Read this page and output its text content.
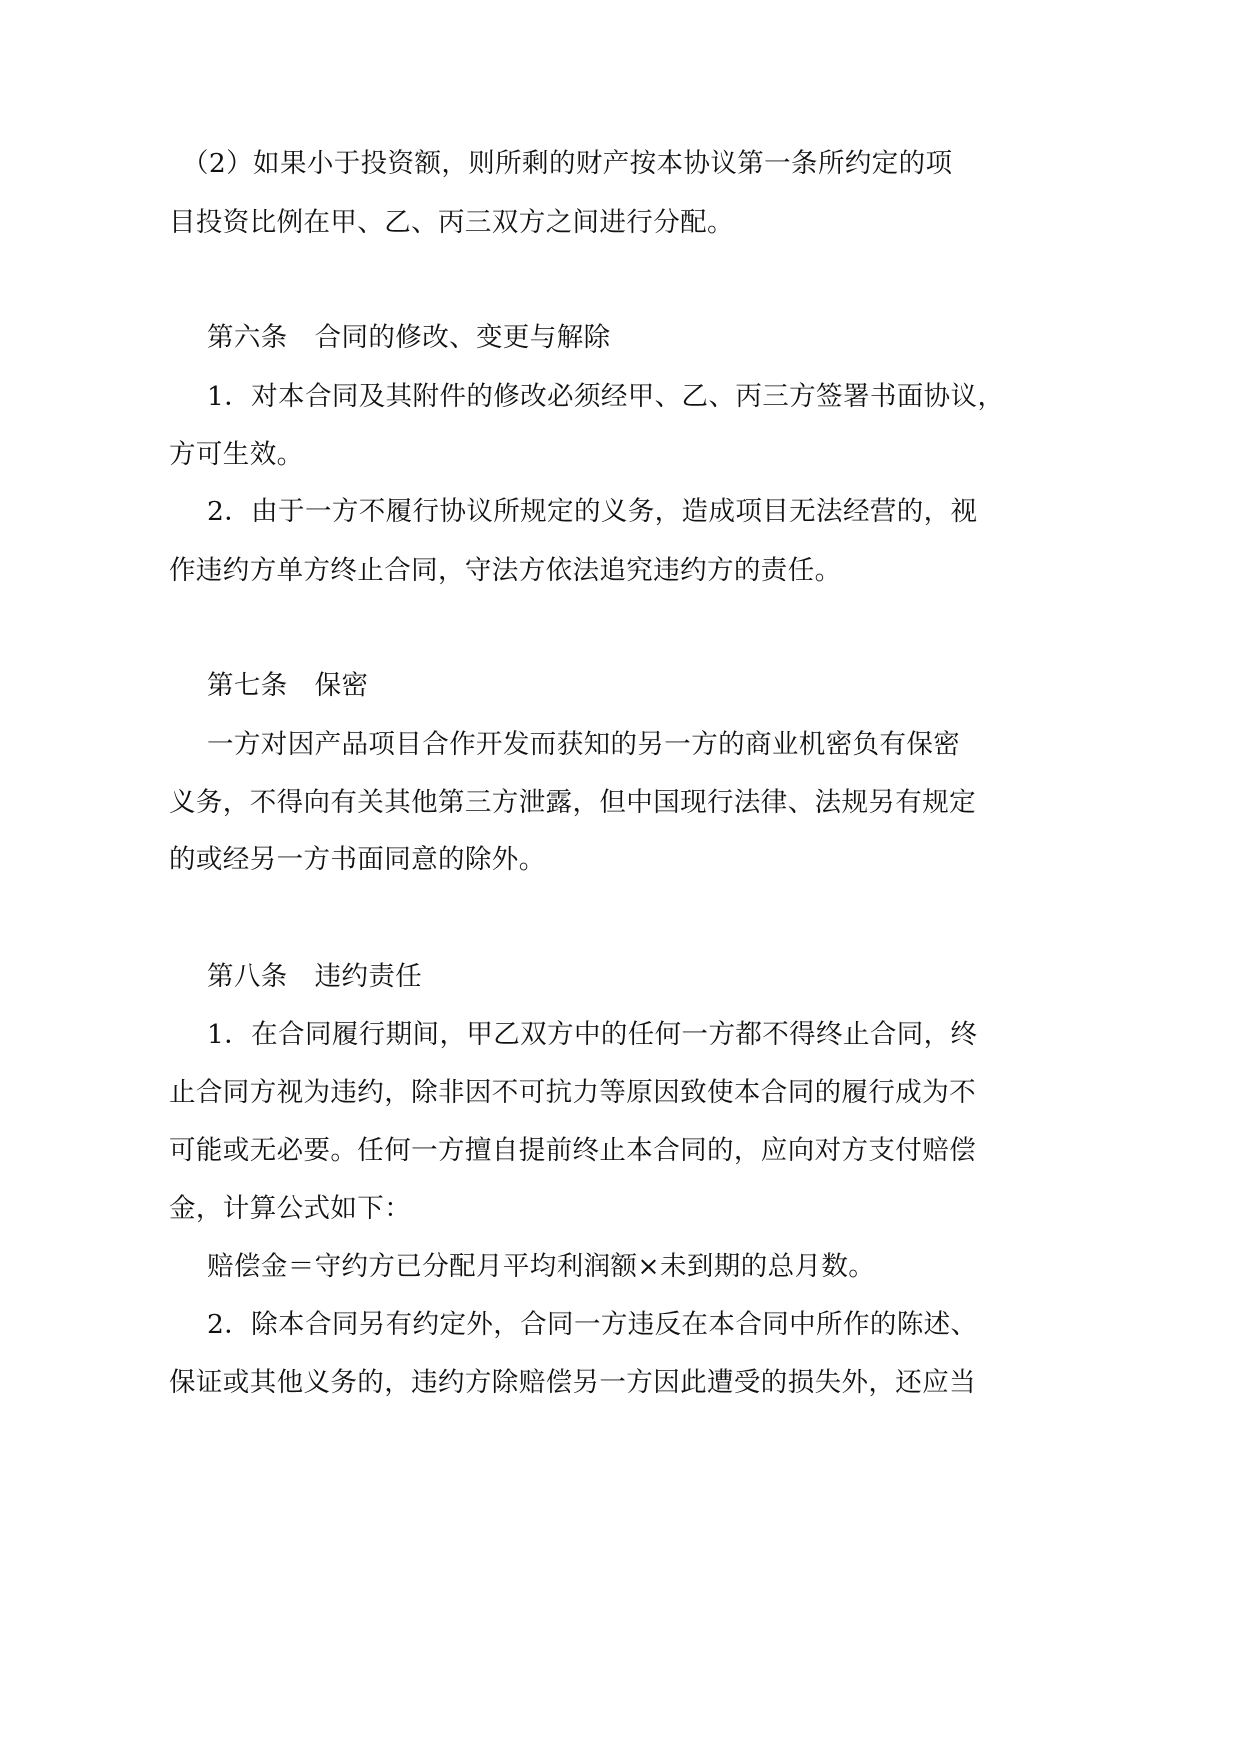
（2）如果小于投资额，则所剩的财产按本协议第一条所约定的项
目投资比例在甲、乙、丙三双方之间进行分配。
第六条　合同的修改、变更与解除
1．对本合同及其附件的修改必须经甲、乙、丙三方签署书面协议，
方可生效。
2．由于一方不履行协议所规定的义务，造成项目无法经营的，视
作违约方单方终止合同，守法方依法追究违约方的责任。
第七条　保密
一方对因产品项目合作开发而获知的另一方的商业机密负有保密
义务，不得向有关其他第三方泄露，但中国现行法律、法规另有规定
的或经另一方书面同意的除外。
第八条　违约责任
1．在合同履行期间，甲乙双方中的任何一方都不得终止合同，终
止合同方视为违约，除非因不可抗力等原因致使本合同的履行成为不
可能或无必要。任何一方擅自提前终止本合同的，应向对方支付赔偿
金，计算公式如下：
赔偿金＝守约方已分配月平均利润额×未到期的总月数。
2．除本合同另有约定外，合同一方违反在本合同中所作的陈述、
保证或其他义务的，违约方除赔偿另一方因此遭受的损失外，还应当
